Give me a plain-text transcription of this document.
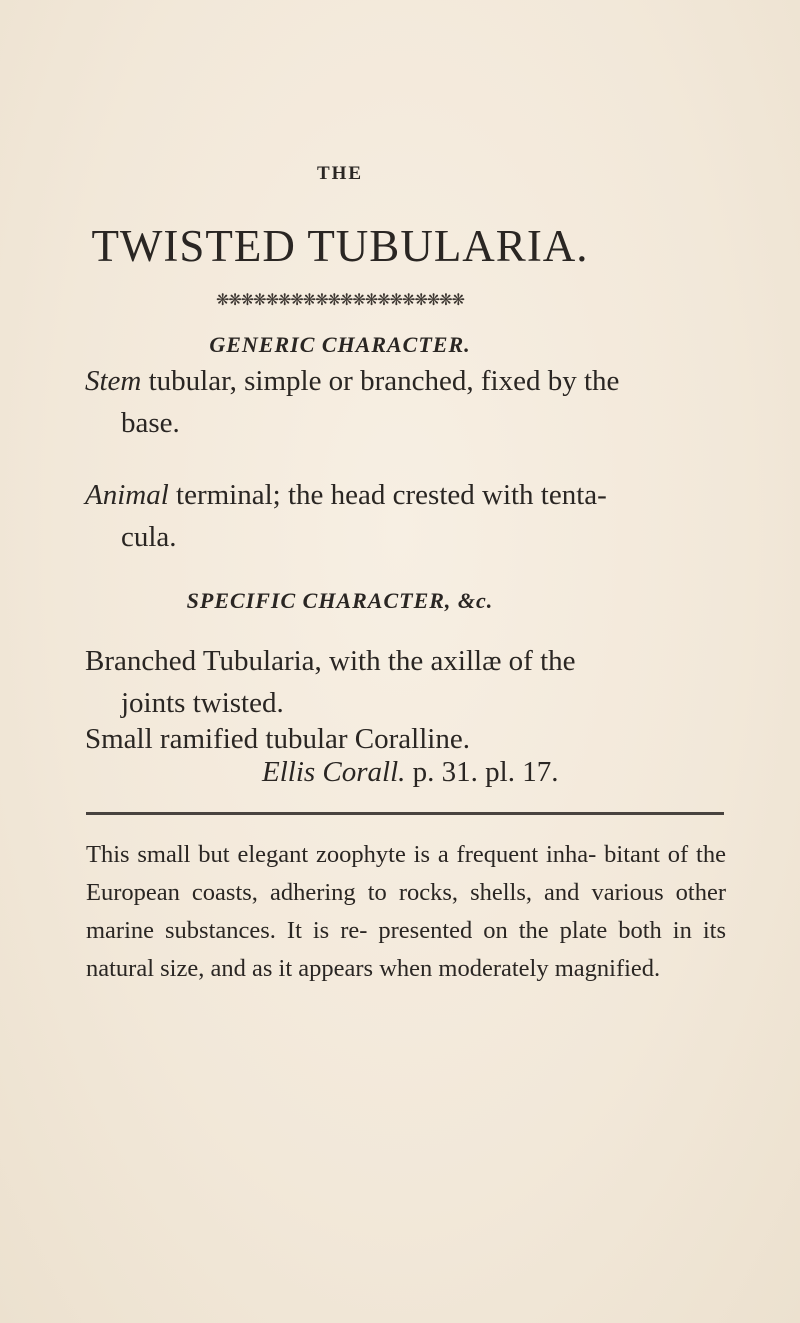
THE
TWISTED TUBULARIA.
❋❋❋❋❋❋❋❋❋❋❋❋❋❋❋❋❋❋❋❋
GENERIC CHARACTER.
Stem tubular, simple or branched, fixed by the
base.
Animal terminal; the head crested with tenta-
cula.
SPECIFIC CHARACTER, &c.
Branched Tubularia, with the axillæ of the
joints twisted.
Small ramified tubular Coralline.
Ellis Corall. p. 31. pl. 17.
This small but elegant zoophyte is a frequent inha- bitant of the European coasts, adhering to rocks, shells, and various other marine substances. It is re- presented on the plate both in its natural size, and as it appears when moderately magnified.
